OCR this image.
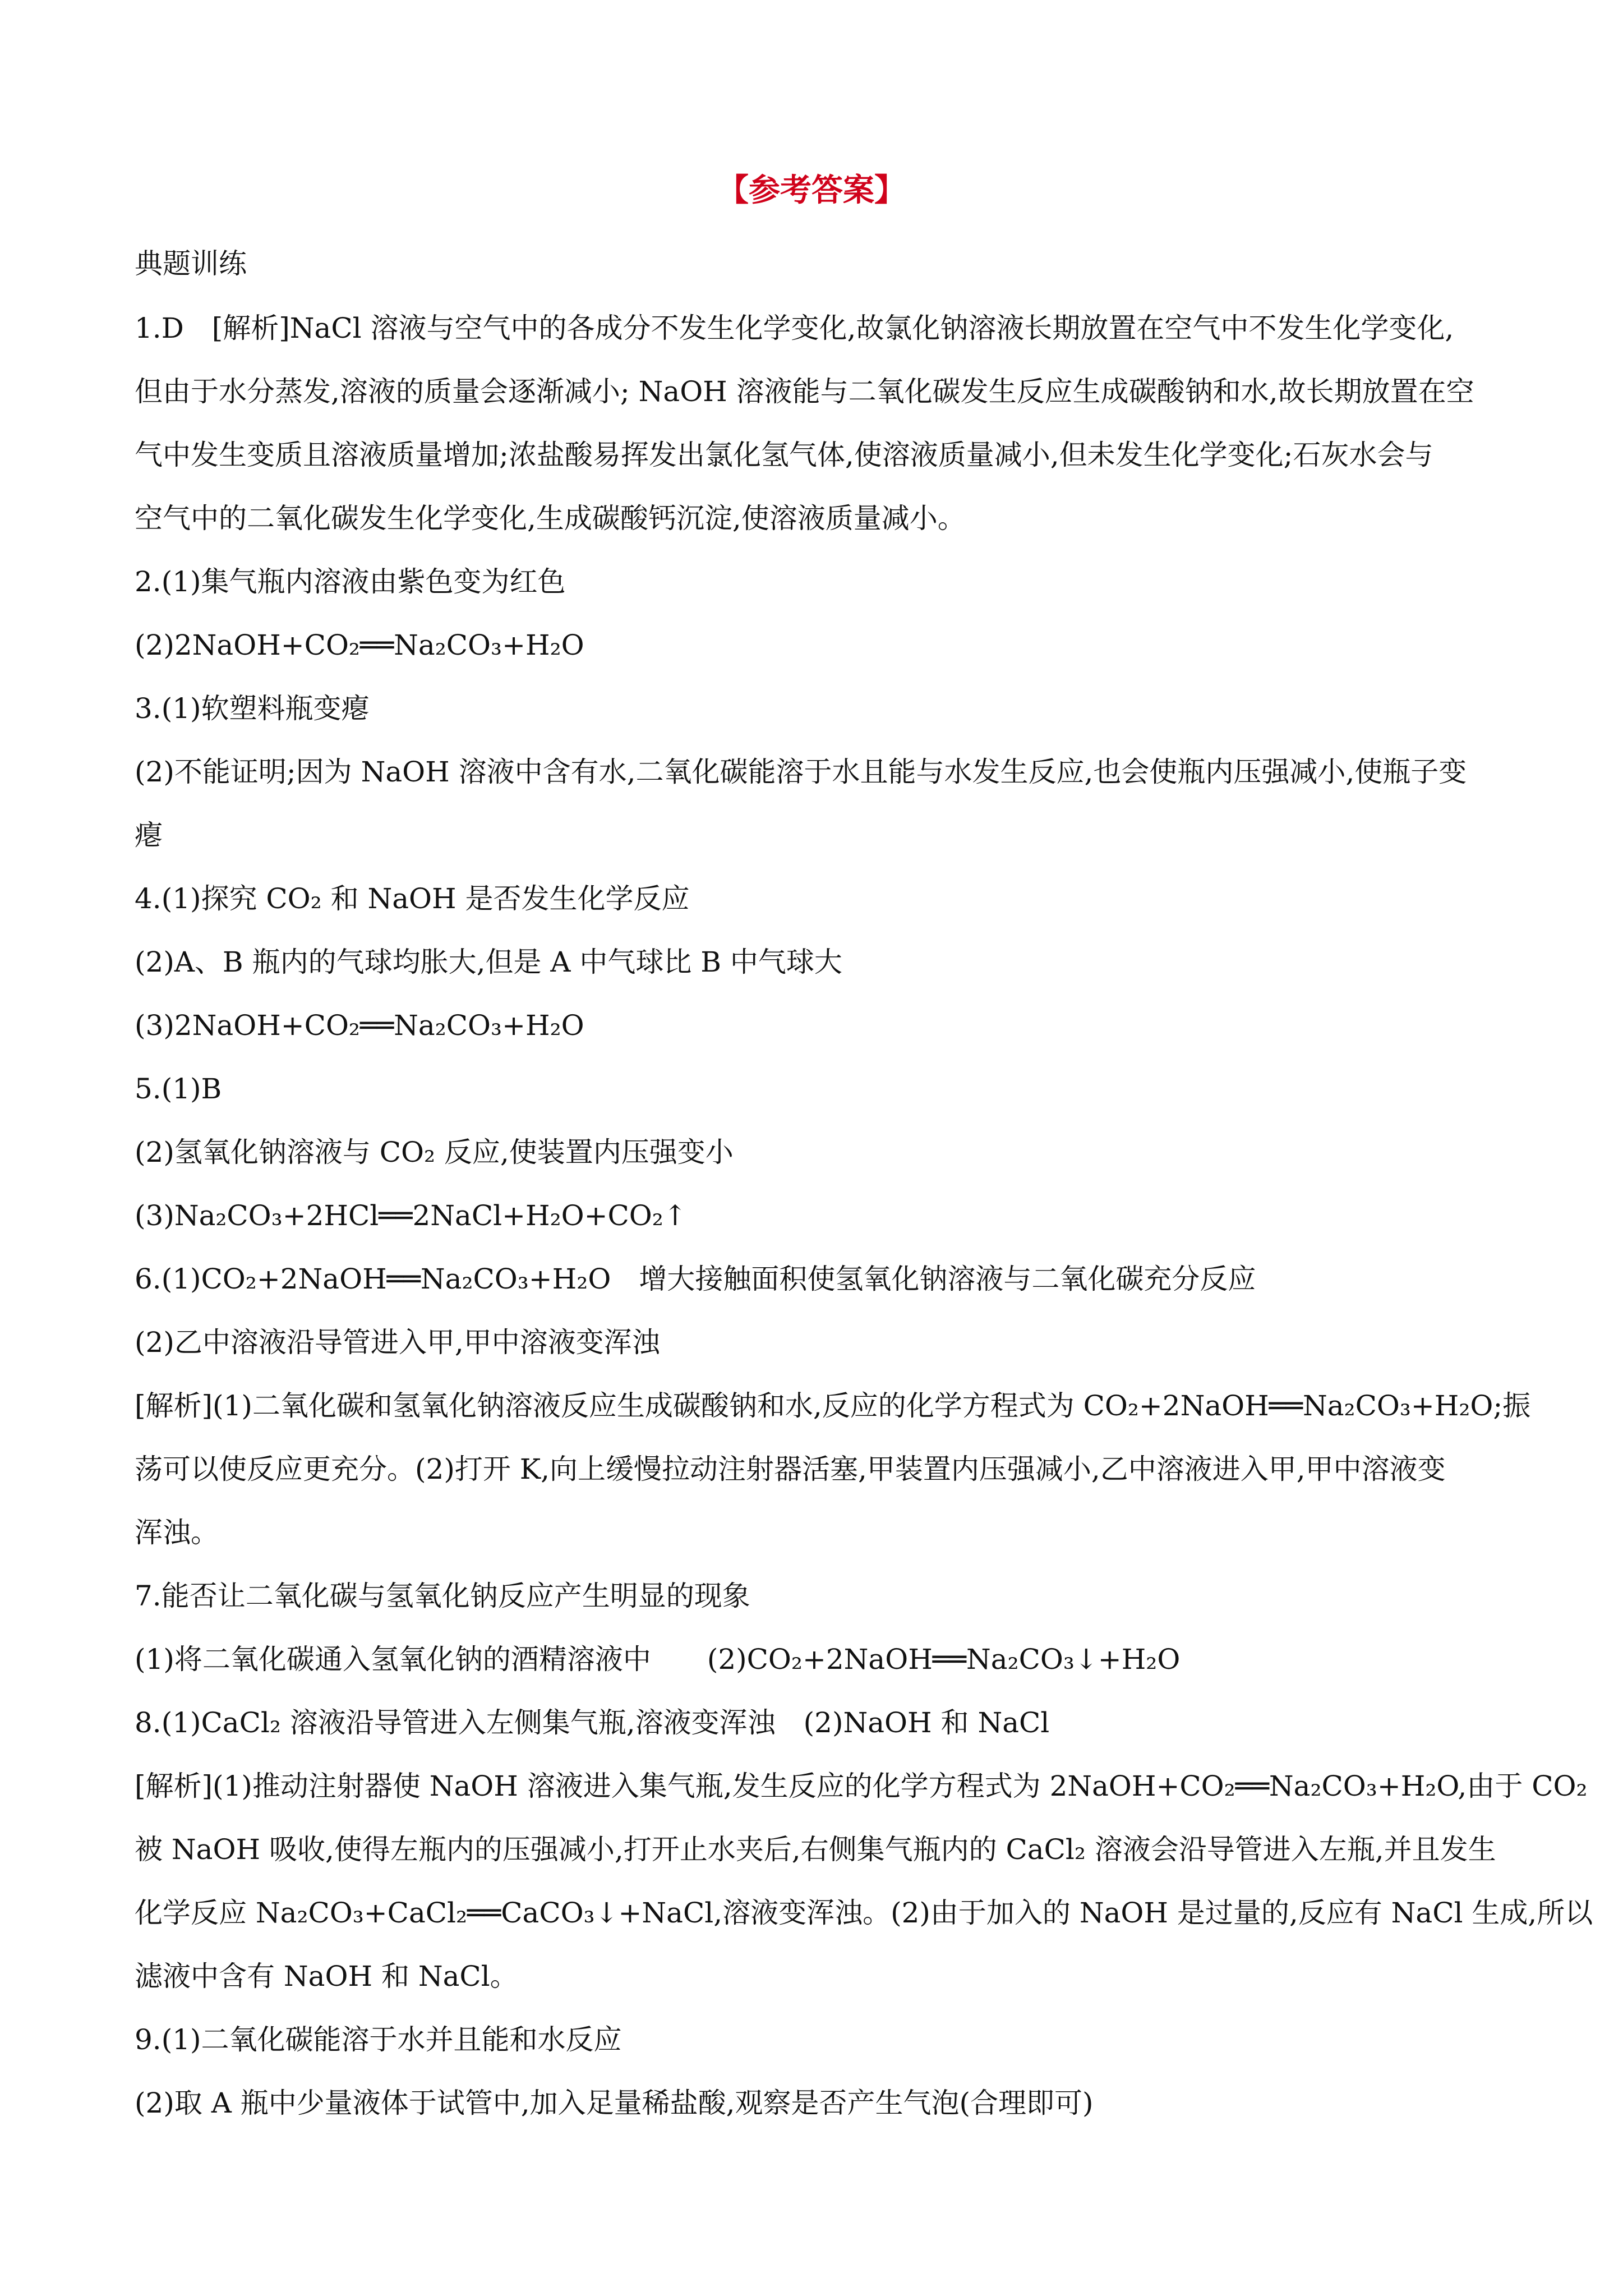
【参考答案】
典题训练
1.D　[解析]NaCl 溶液与空气中的各成分不发生化学变化,故氯化钠溶液长期放置在空气中不发生化学变化,
但由于水分蒸发,溶液的质量会逐渐减小; NaOH 溶液能与二氧化碳发生反应生成碳酸钠和水,故长期放置在空
气中发生变质且溶液质量增加;浓盐酸易挥发出氯化氢气体,使溶液质量减小,但未发生化学变化;石灰水会与
空气中的二氧化碳发生化学变化,生成碳酸钙沉淀,使溶液质量减小。
2.(1)集气瓶内溶液由紫色变为红色
(2)2NaOH+CO₂══Na₂CO₃+H₂O
3.(1)软塑料瓶变瘪
(2)不能证明;因为 NaOH 溶液中含有水,二氧化碳能溶于水且能与水发生反应,也会使瓶内压强减小,使瓶子变
瘪
4.(1)探究 CO₂ 和 NaOH 是否发生化学反应
(2)A、B 瓶内的气球均胀大,但是 A 中气球比 B 中气球大
(3)2NaOH+CO₂══Na₂CO₃+H₂O
5.(1)B
(2)氢氧化钠溶液与 CO₂ 反应,使装置内压强变小
(3)Na₂CO₃+2HCl══2NaCl+H₂O+CO₂↑
6.(1)CO₂+2NaOH══Na₂CO₃+H₂O　增大接触面积使氢氧化钠溶液与二氧化碳充分反应
(2)乙中溶液沿导管进入甲,甲中溶液变浑浊
[解析](1)二氧化碳和氢氧化钠溶液反应生成碳酸钠和水,反应的化学方程式为 CO₂+2NaOH══Na₂CO₃+H₂O;振
荡可以使反应更充分。(2)打开 K,向上缓慢拉动注射器活塞,甲装置内压强减小,乙中溶液进入甲,甲中溶液变
浑浊。
7.能否让二氧化碳与氢氧化钠反应产生明显的现象
(1)将二氧化碳通入氢氧化钠的酒精溶液中　　(2)CO₂+2NaOH══Na₂CO₃↓+H₂O
8.(1)CaCl₂ 溶液沿导管进入左侧集气瓶,溶液变浑浊　(2)NaOH 和 NaCl
[解析](1)推动注射器使 NaOH 溶液进入集气瓶,发生反应的化学方程式为 2NaOH+CO₂══Na₂CO₃+H₂O,由于 CO₂
被 NaOH 吸收,使得左瓶内的压强减小,打开止水夹后,右侧集气瓶内的 CaCl₂ 溶液会沿导管进入左瓶,并且发生
化学反应 Na₂CO₃+CaCl₂══CaCO₃↓+NaCl,溶液变浑浊。(2)由于加入的 NaOH 是过量的,反应有 NaCl 生成,所以
滤液中含有 NaOH 和 NaCl。
9.(1)二氧化碳能溶于水并且能和水反应
(2)取 A 瓶中少量液体于试管中,加入足量稀盐酸,观察是否产生气泡(合理即可)
